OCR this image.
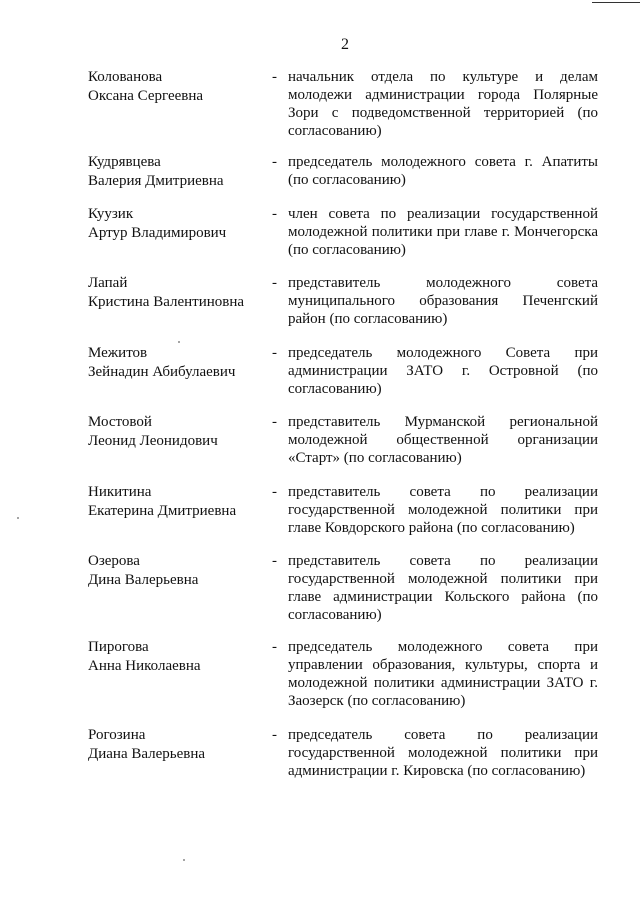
2
Колованова
Оксана Сергеевна
- начальник отдела по культуре и делам молодежи администрации города Полярные Зори с подведомственной территорией (по согласованию)
Кудрявцева
Валерия Дмитриевна
- председатель молодежного совета г. Апатиты (по согласованию)
Куузик
Артур Владимирович
- член совета по реализации государственной молодежной политики при главе г. Мончегорска (по согласованию)
Лапай
Кристина Валентиновна
- представитель молодежного совета муниципального образования Печенгский район (по согласованию)
Межитов
Зейнадин Абибулаевич
- председатель молодежного Совета при администрации ЗАТО г. Островной (по согласованию)
Мостовой
Леонид Леонидович
- представитель Мурманской региональной молодежной общественной организации «Старт» (по согласованию)
Никитина
Екатерина Дмитриевна
- представитель совета по реализации государственной молодежной политики при главе Ковдорского района (по согласованию)
Озерова
Дина Валерьевна
- представитель совета по реализации государственной молодежной политики при главе администрации Кольского района (по согласованию)
Пирогова
Анна Николаевна
- председатель молодежного совета при управлении образования, культуры, спорта и молодежной политики администрации ЗАТО г. Заозерск (по согласованию)
Рогозина
Диана Валерьевна
- председатель совета по реализации государственной молодежной политики при администрации г. Кировска (по согласованию)
